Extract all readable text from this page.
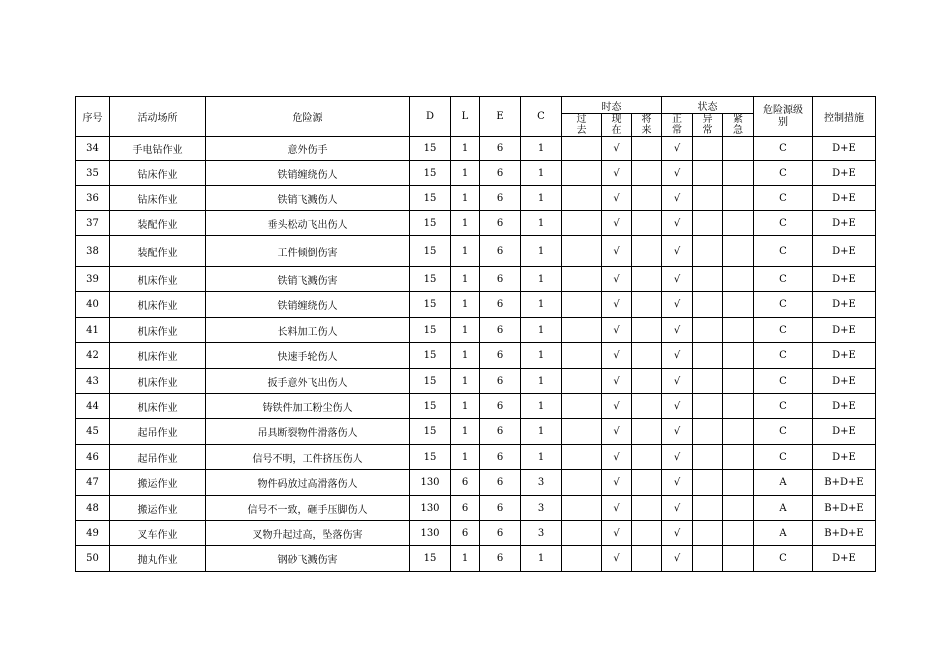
序号	活动场所	危险源	D	L	E	C	时态			状态			危险源级 别	控制措施
							过去	现在	将来	正常	异常	紧急		
34	手电钻作业	意外伤手	15	1	6	1		√		√			C	D+E
35	钻床作业	铁销缠绕伤人	15	1	6	1		√		√			C	D+E
36	钻床作业	铁销飞溅伤人	15	1	6	1		√		√			C	D+E
37	装配作业	垂头松动飞出伤人	15	1	6	1		√		√			C	D+E
38	装配作业	工件倾倒伤害	15	1	6	1		√		√			C	D+E
39	机床作业	铁销飞溅伤害	15	1	6	1		√		√			C	D+E
40	机床作业	铁销缠绕伤人	15	1	6	1		√		√			C	D+E
41	机床作业	长料加工伤人	15	1	6	1		√		√			C	D+E
42	机床作业	快速手轮伤人	15	1	6	1		√		√			C	D+E
43	机床作业	扳手意外飞出伤人	15	1	6	1		√		√			C	D+E
44	机床作业	铸铁件加工粉尘伤人	15	1	6	1		√		√			C	D+E
45	起吊作业	吊具断裂物件滑落伤人	15	1	6	1		√		√			C	D+E
46	起吊作业	信号不明，工件挤压伤人	15	1	6	1		√		√			C	D+E
47	搬运作业	物件码放过高滑落伤人	130	6	6	3		√		√			A	B+D+E
48	搬运作业	信号不一致，砸手压脚伤人	130	6	6	3		√		√			A	B+D+E
49	叉车作业	叉物升起过高，坠落伤害	130	6	6	3		√		√			A	B+D+E
50	抛丸作业	钢砂飞溅伤害	15	1	6	1		√		√			C	D+E
